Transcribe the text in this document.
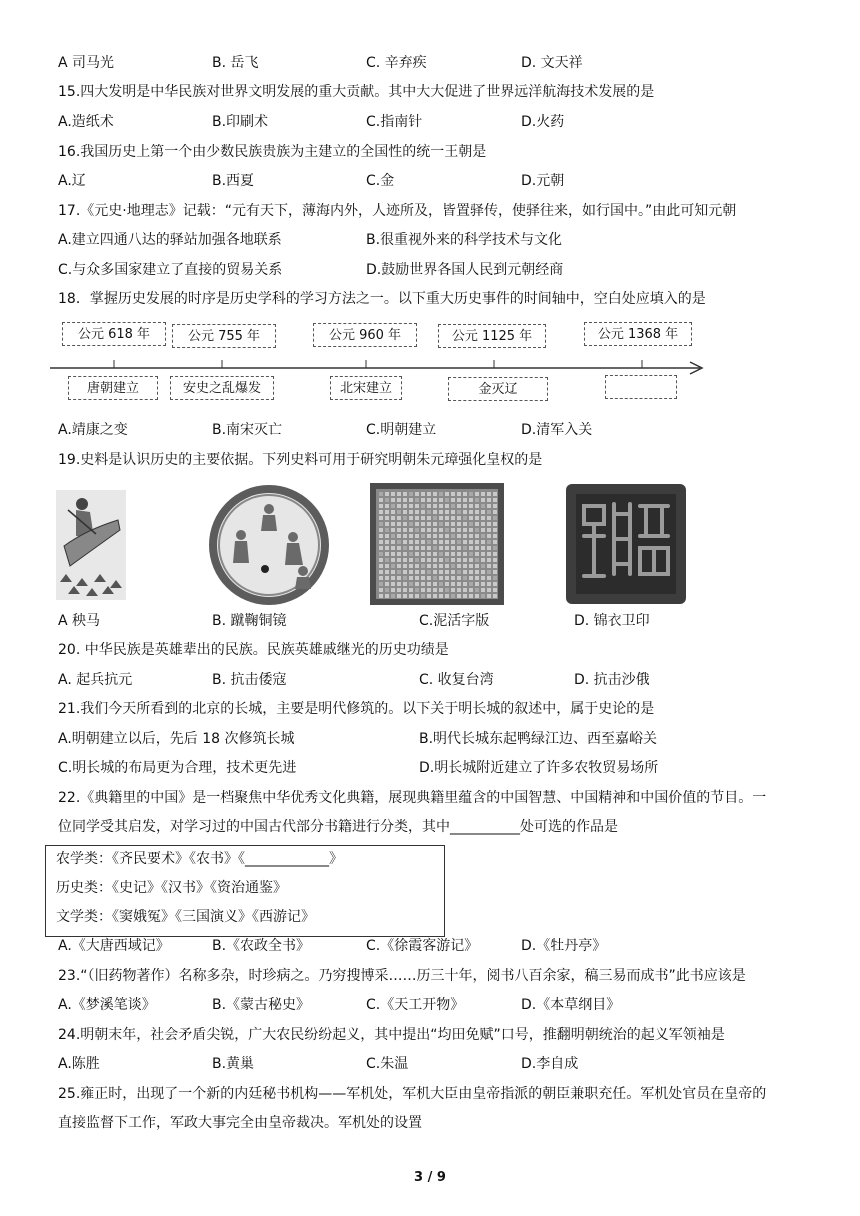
A 司马光	B. 岳飞	C. 辛弃疾	D. 文天祥
15.四大发明是中华民族对世界文明发展的重大贡献。其中大大促进了世界远洋航海技术发展的是
A.造纸术	B.印刷术	C.指南针	D.火药
16.我国历史上第一个由少数民族贵族为主建立的全国性的统一王朝是
A.辽	B.西夏	C.金	D.元朝
17.《元史·地理志》记载：“元有天下，薄海内外，人迹所及，皆置驿传，使驿往来，如行国中。”由此可知元朝
A.建立四通八达的驿站加强各地联系	B.很重视外来的科学技术与文化
C.与众多国家建立了直接的贸易关系	D.鼓励世界各国人民到元朝经商
18．掌握历史发展的时序是历史学科的学习方法之一。以下重大历史事件的时间轴中，空白处应填入的是
公元 618 年	公元 755 年	公元 960 年	公元 1125 年	公元 1368 年
唐朝建立	安史之乱爆发	北宋建立	金灭辽
A.靖康之变	B.南宋灭亡	C.明朝建立	D.清军入关
19.史料是认识历史的主要依据。下列史料可用于研究明朝朱元璋强化皇权的是
A 秧马	B. 蹴鞠铜镜	C.泥活字版	D. 锦衣卫印
20. 中华民族是英雄辈出的民族。民族英雄戚继光的历史功绩是
A. 起兵抗元	B. 抗击倭寇	C. 收复台湾	D. 抗击沙俄
21.我们今天所看到的北京的长城，主要是明代修筑的。以下关于明长城的叙述中，属于史论的是
A.明朝建立以后，先后 18 次修筑长城	B.明代长城东起鸭绿江边、西至嘉峪关
C.明长城的布局更为合理，技术更先进	D.明长城附近建立了许多农牧贸易场所
22.《典籍里的中国》是一档聚焦中华优秀文化典籍，展现典籍里蕴含的中国智慧、中国精神和中国价值的节目。一
位同学受其启发，对学习过的中国古代部分书籍进行分类，其中__________处可选的作品是
农学类：《齐民要术》《农书》《____________》
历史类：《史记》《汉书》《资治通鉴》
文学类：《窦娥冤》《三国演义》《西游记》
A.《大唐西域记》	B.《农政全书》	C.《徐霞客游记》	D.《牡丹亭》
23.“（旧药物著作）名称多杂，时珍病之。乃穷搜博采……历三十年，阅书八百余家，稿三易而成书”此书应该是
A.《梦溪笔谈》	B.《蒙古秘史》	C.《天工开物》	D.《本草纲目》
24.明朝末年，社会矛盾尖锐，广大农民纷纷起义，其中提出“均田免赋”口号，推翻明朝统治的起义军领袖是
A.陈胜	B.黄巢	C.朱温	D.李自成
25.雍正时，出现了一个新的内廷秘书机构——军机处，军机大臣由皇帝指派的朝臣兼职充任。军机处官员在皇帝的
直接监督下工作，军政大事完全由皇帝裁决。军机处的设置
3 / 9
